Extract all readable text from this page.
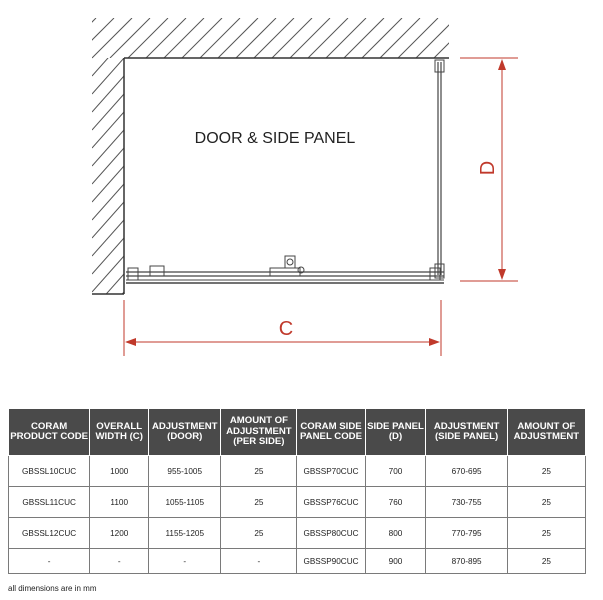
DOOR & SIDE PANEL
C
D
CORAM PRODUCT CODE	OVERALL WIDTH (C)	ADJUSTMENT (DOOR)	AMOUNT OF ADJUSTMENT (PER SIDE)	CORAM SIDE PANEL CODE	SIDE PANEL (D)	ADJUSTMENT (SIDE PANEL)	AMOUNT OF ADJUSTMENT
GBSSL10CUC	1000	955-1005	25	GBSSP70CUC	700	670-695	25
GBSSL11CUC	1100	1055-1105	25	GBSSP76CUC	760	730-755	25
GBSSL12CUC	1200	1155-1205	25	GBSSP80CUC	800	770-795	25
-	-	-	-	GBSSP90CUC	900	870-895	25
all dimensions are in mm
